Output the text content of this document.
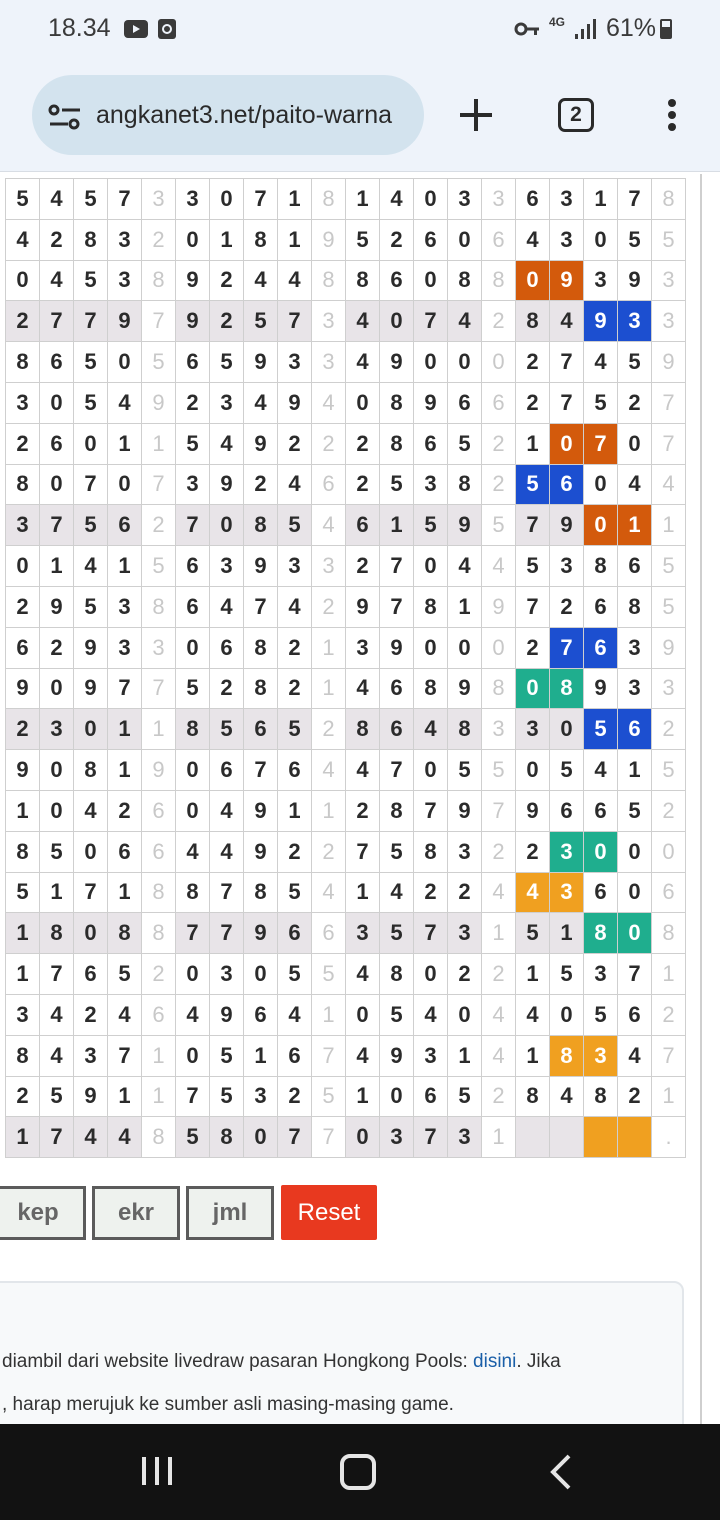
18.34	4G 61%
angkanet3.net/paito-warna	2
5	4	5	7	3	3	0	7	1	8	1	4	0	3	3	6	3	1	7	8
4	2	8	3	2	0	1	8	1	9	5	2	6	0	6	4	3	0	5	5
0	4	5	3	8	9	2	4	4	8	8	6	0	8	8	0	9	3	9	3
2	7	7	9	7	9	2	5	7	3	4	0	7	4	2	8	4	9	3	3
8	6	5	0	5	6	5	9	3	3	4	9	0	0	0	2	7	4	5	9
3	0	5	4	9	2	3	4	9	4	0	8	9	6	6	2	7	5	2	7
2	6	0	1	1	5	4	9	2	2	2	8	6	5	2	1	0	7	0	7
8	0	7	0	7	3	9	2	4	6	2	5	3	8	2	5	6	0	4	4
3	7	5	6	2	7	0	8	5	4	6	1	5	9	5	7	9	0	1	1
0	1	4	1	5	6	3	9	3	3	2	7	0	4	4	5	3	8	6	5
2	9	5	3	8	6	4	7	4	2	9	7	8	1	9	7	2	6	8	5
6	2	9	3	3	0	6	8	2	1	3	9	0	0	0	2	7	6	3	9
9	0	9	7	7	5	2	8	2	1	4	6	8	9	8	0	8	9	3	3
2	3	0	1	1	8	5	6	5	2	8	6	4	8	3	3	0	5	6	2
9	0	8	1	9	0	6	7	6	4	4	7	0	5	5	0	5	4	1	5
1	0	4	2	6	0	4	9	1	1	2	8	7	9	7	9	6	6	5	2
8	5	0	6	6	4	4	9	2	2	7	5	8	3	2	2	3	0	0	0
5	1	7	1	8	8	7	8	5	4	1	4	2	2	4	4	3	6	0	6
1	8	0	8	8	7	7	9	6	6	3	5	7	3	1	5	1	8	0	8
1	7	6	5	2	0	3	0	5	5	4	8	0	2	2	1	5	3	7	1
3	4	2	4	6	4	9	6	4	1	0	5	4	0	4	4	0	5	6	2
8	4	3	7	1	0	5	1	6	7	4	9	3	1	4	1	8	3	4	7
2	5	9	1	1	7	5	3	2	5	1	0	6	5	2	8	4	8	2	1
1	7	4	4	8	5	8	0	7	7	0	3	7	3	1					.
kep	ekr	jml	Reset
diambil dari website livedraw pasaran Hongkong Pools: disini. Jika
, harap merujuk ke sumber asli masing-masing game.
